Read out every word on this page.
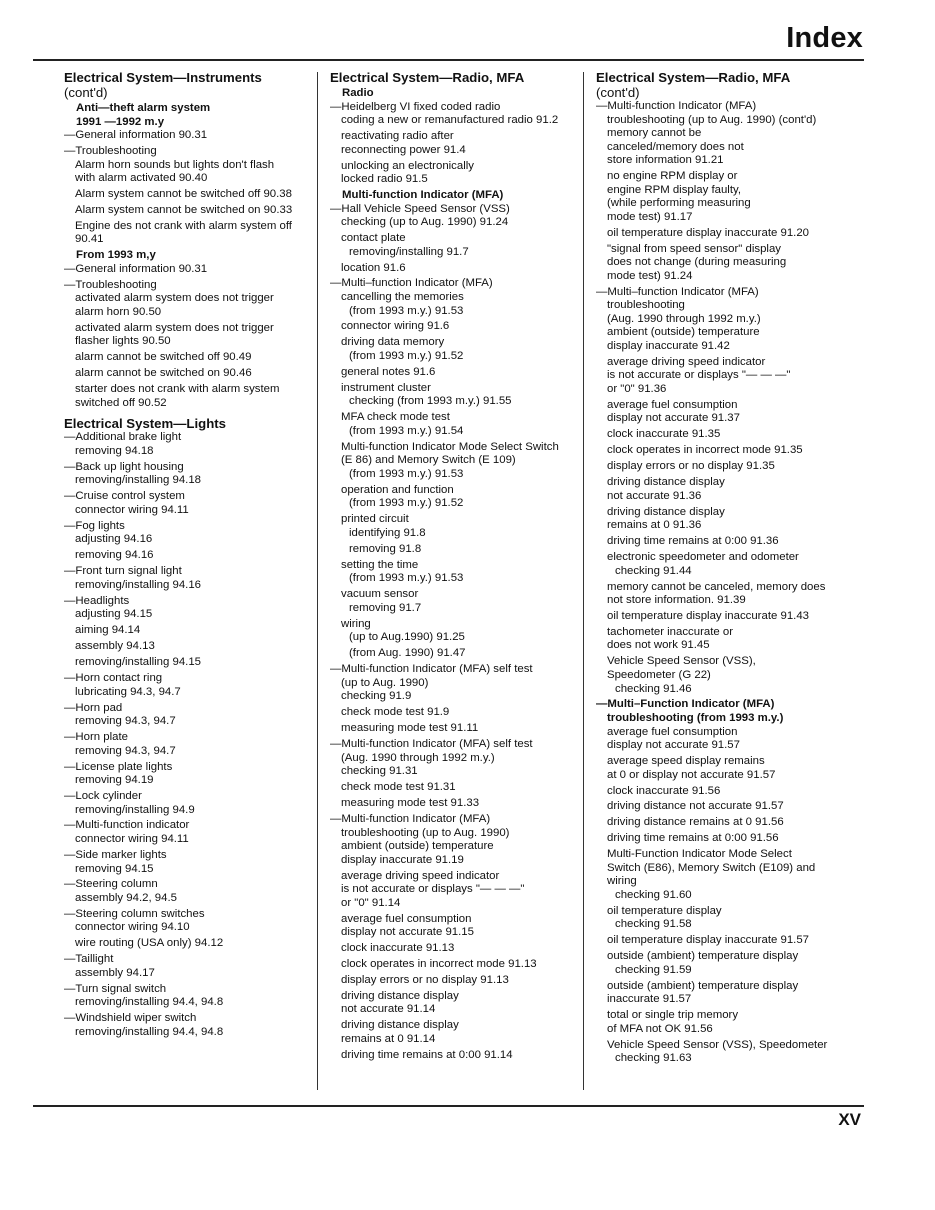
Index
Electrical System—Instruments
(cont'd)
Anti—theft alarm system
1991 —1992 m.y
—General information 90.31
—Troubleshooting
Alarm horn sounds but lights don't flash
with alarm activated 90.40
Alarm system cannot be switched off 90.38
Alarm system cannot be switched on 90.33
Engine des not crank with alarm system off
90.41
From 1993 m,y
—General information 90.31
—Troubleshooting
activated alarm system does not trigger
alarm horn 90.50
activated alarm system does not trigger
flasher lights 90.50
alarm cannot be switched off 90.49
alarm cannot be switched on 90.46
starter does not crank with alarm system
switched off 90.52
Electrical System—Lights
—Additional brake light
removing 94.18
—Back up light housing
removing/installing 94.18
—Cruise control system
connector wiring 94.11
—Fog lights
adjusting 94.16
removing 94.16
—Front turn signal light
removing/installing 94.16
—Headlights
adjusting 94.15
aiming 94.14
assembly 94.13
removing/installing 94.15
—Horn contact ring
lubricating 94.3, 94.7
—Horn pad
removing 94.3, 94.7
—Horn plate
removing 94.3, 94.7
—License plate lights
removing 94.19
—Lock cylinder
removing/installing 94.9
—Multi-function indicator
connector wiring 94.11
—Side marker lights
removing 94.15
—Steering column
assembly 94.2, 94.5
—Steering column switches
connector wiring 94.10
wire routing (USA only) 94.12
—Taillight
assembly 94.17
—Turn signal switch
removing/installing 94.4, 94.8
—Windshield wiper switch
removing/installing 94.4, 94.8
Electrical System—Radio, MFA
Radio
—Heidelberg VI fixed coded radio
coding a new or remanufactured radio 91.2
reactivating radio after
reconnecting power 91.4
unlocking an electronically
locked radio 91.5
Multi-function Indicator (MFA)
—Hall Vehicle Speed Sensor (VSS)
checking (up to Aug. 1990) 91.24
contact plate
removing/installing 91.7
location 91.6
—Multi–function Indicator (MFA)
cancelling the memories
(from 1993 m.y.) 91.53
connector wiring 91.6
driving data memory
(from 1993 m.y.) 91.52
general notes 91.6
instrument cluster
checking (from 1993 m.y.) 91.55
MFA check mode test
(from 1993 m.y.) 91.54
Multi-function Indicator Mode Select Switch
(E 86) and Memory Switch (E 109)
(from 1993 m.y.) 91.53
operation and function
(from 1993 m.y.) 91.52
printed circuit
identifying 91.8
removing 91.8
setting the time
(from 1993 m.y.) 91.53
vacuum sensor
removing 91.7
wiring
(up to Aug.1990) 91.25
(from Aug. 1990) 91.47
—Multi-function Indicator (MFA) self test
(up to Aug. 1990)
checking 91.9
check mode test 91.9
measuring mode test 91.11
—Multi-function Indicator (MFA) self test
(Aug. 1990 through 1992 m.y.)
checking 91.31
check mode test 91.31
measuring mode test 91.33
—Multi-function Indicator (MFA)
troubleshooting (up to Aug. 1990)
ambient (outside) temperature
display inaccurate 91.19
average driving speed indicator
is not accurate or displays "— — —"
or "0" 91.14
average fuel consumption
display not accurate 91.15
clock inaccurate 91.13
clock operates in incorrect mode 91.13
display errors or no display 91.13
driving distance display
not accurate 91.14
driving distance display
remains at 0 91.14
driving time remains at 0:00 91.14
Electrical System—Radio, MFA
(cont'd)
—Multi-function Indicator (MFA)
troubleshooting (up to Aug. 1990) (cont'd)
memory cannot be
canceled/memory does not
store information 91.21
no engine RPM display or
engine RPM display faulty,
(while performing measuring
mode test) 91.17
oil temperature display inaccurate 91.20
"signal from speed sensor" display
does not change (during measuring
mode test) 91.24
—Multi–function Indicator (MFA)
troubleshooting
(Aug. 1990 through 1992 m.y.)
ambient (outside) temperature
display inaccurate 91.42
average driving speed indicator
is not accurate or displays "— — —"
or "0" 91.36
average fuel consumption
display not accurate 91.37
clock inaccurate 91.35
clock operates in incorrect mode 91.35
display errors or no display 91.35
driving distance display
not accurate 91.36
driving distance display
remains at 0 91.36
driving time remains at 0:00 91.36
electronic speedometer and odometer
checking 91.44
memory cannot be canceled, memory does
not store information. 91.39
oil temperature display inaccurate 91.43
tachometer inaccurate or
does not work 91.45
Vehicle Speed Sensor (VSS),
Speedometer (G 22)
checking 91.46
—Multi–Function Indicator (MFA)
troubleshooting (from 1993 m.y.)
average fuel consumption
display not accurate 91.57
average speed display remains
at 0 or display not accurate 91.57
clock inaccurate 91.56
driving distance not accurate 91.57
driving distance remains at 0 91.56
driving time remains at 0:00 91.56
Multi-Function Indicator Mode Select
Switch (E86), Memory Switch (E109) and
wiring
checking 91.60
oil temperature display
checking 91.58
oil temperature display inaccurate 91.57
outside (ambient) temperature display
checking 91.59
outside (ambient) temperature display
inaccurate 91.57
total or single trip memory
of MFA not OK 91.56
Vehicle Speed Sensor (VSS), Speedometer
checking 91.63
XV
